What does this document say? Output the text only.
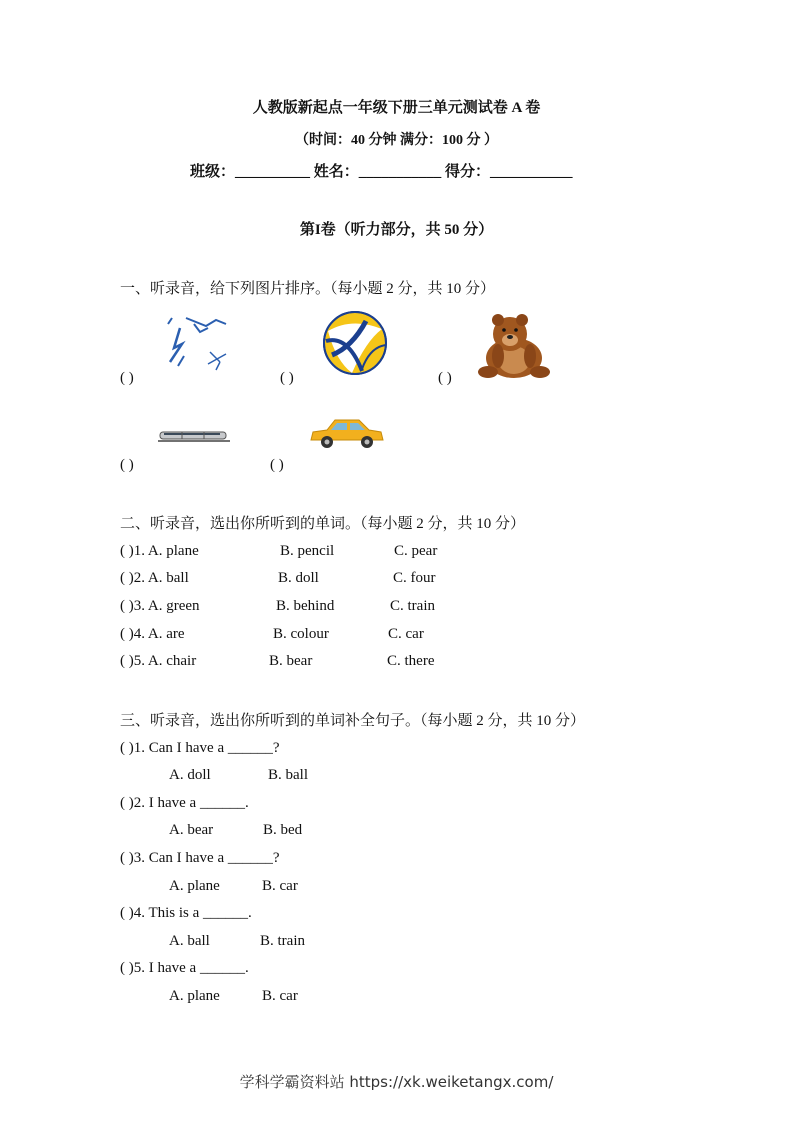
人教版新起点一年级下册三单元测试卷 A 卷
（时间：40 分钟 满分：100 分 ）
班级：__________ 姓名：___________ 得分：___________
第I卷（听力部分，共 50 分）
一、听录音，给下列图片排序。（每小题 2 分，共 10 分）
( )	( )	( )
( )	( )
二、听录音，选出你所听到的单词。（每小题 2 分，共 10 分）
( )1. A. plane	B. pencil	C. pear
( )2. A. ball	B. doll	C. four
( )3. A. green	B. behind	C. train
( )4. A. are	B. colour	C. car
( )5. A. chair	B. bear	C. there
三、听录音，选出你所听到的单词补全句子。（每小题 2 分，共 10 分）
( )1. Can I have a ______?
A. doll	B. ball
( )2. I have a ______.
A. bear	B. bed
( )3. Can I have a ______?
A. plane	B. car
( )4. This is a ______.
A. ball	B. train
( )5. I have a ______.
A. plane	B. car
学科学霸资料站 https://xk.weiketangx.com/
